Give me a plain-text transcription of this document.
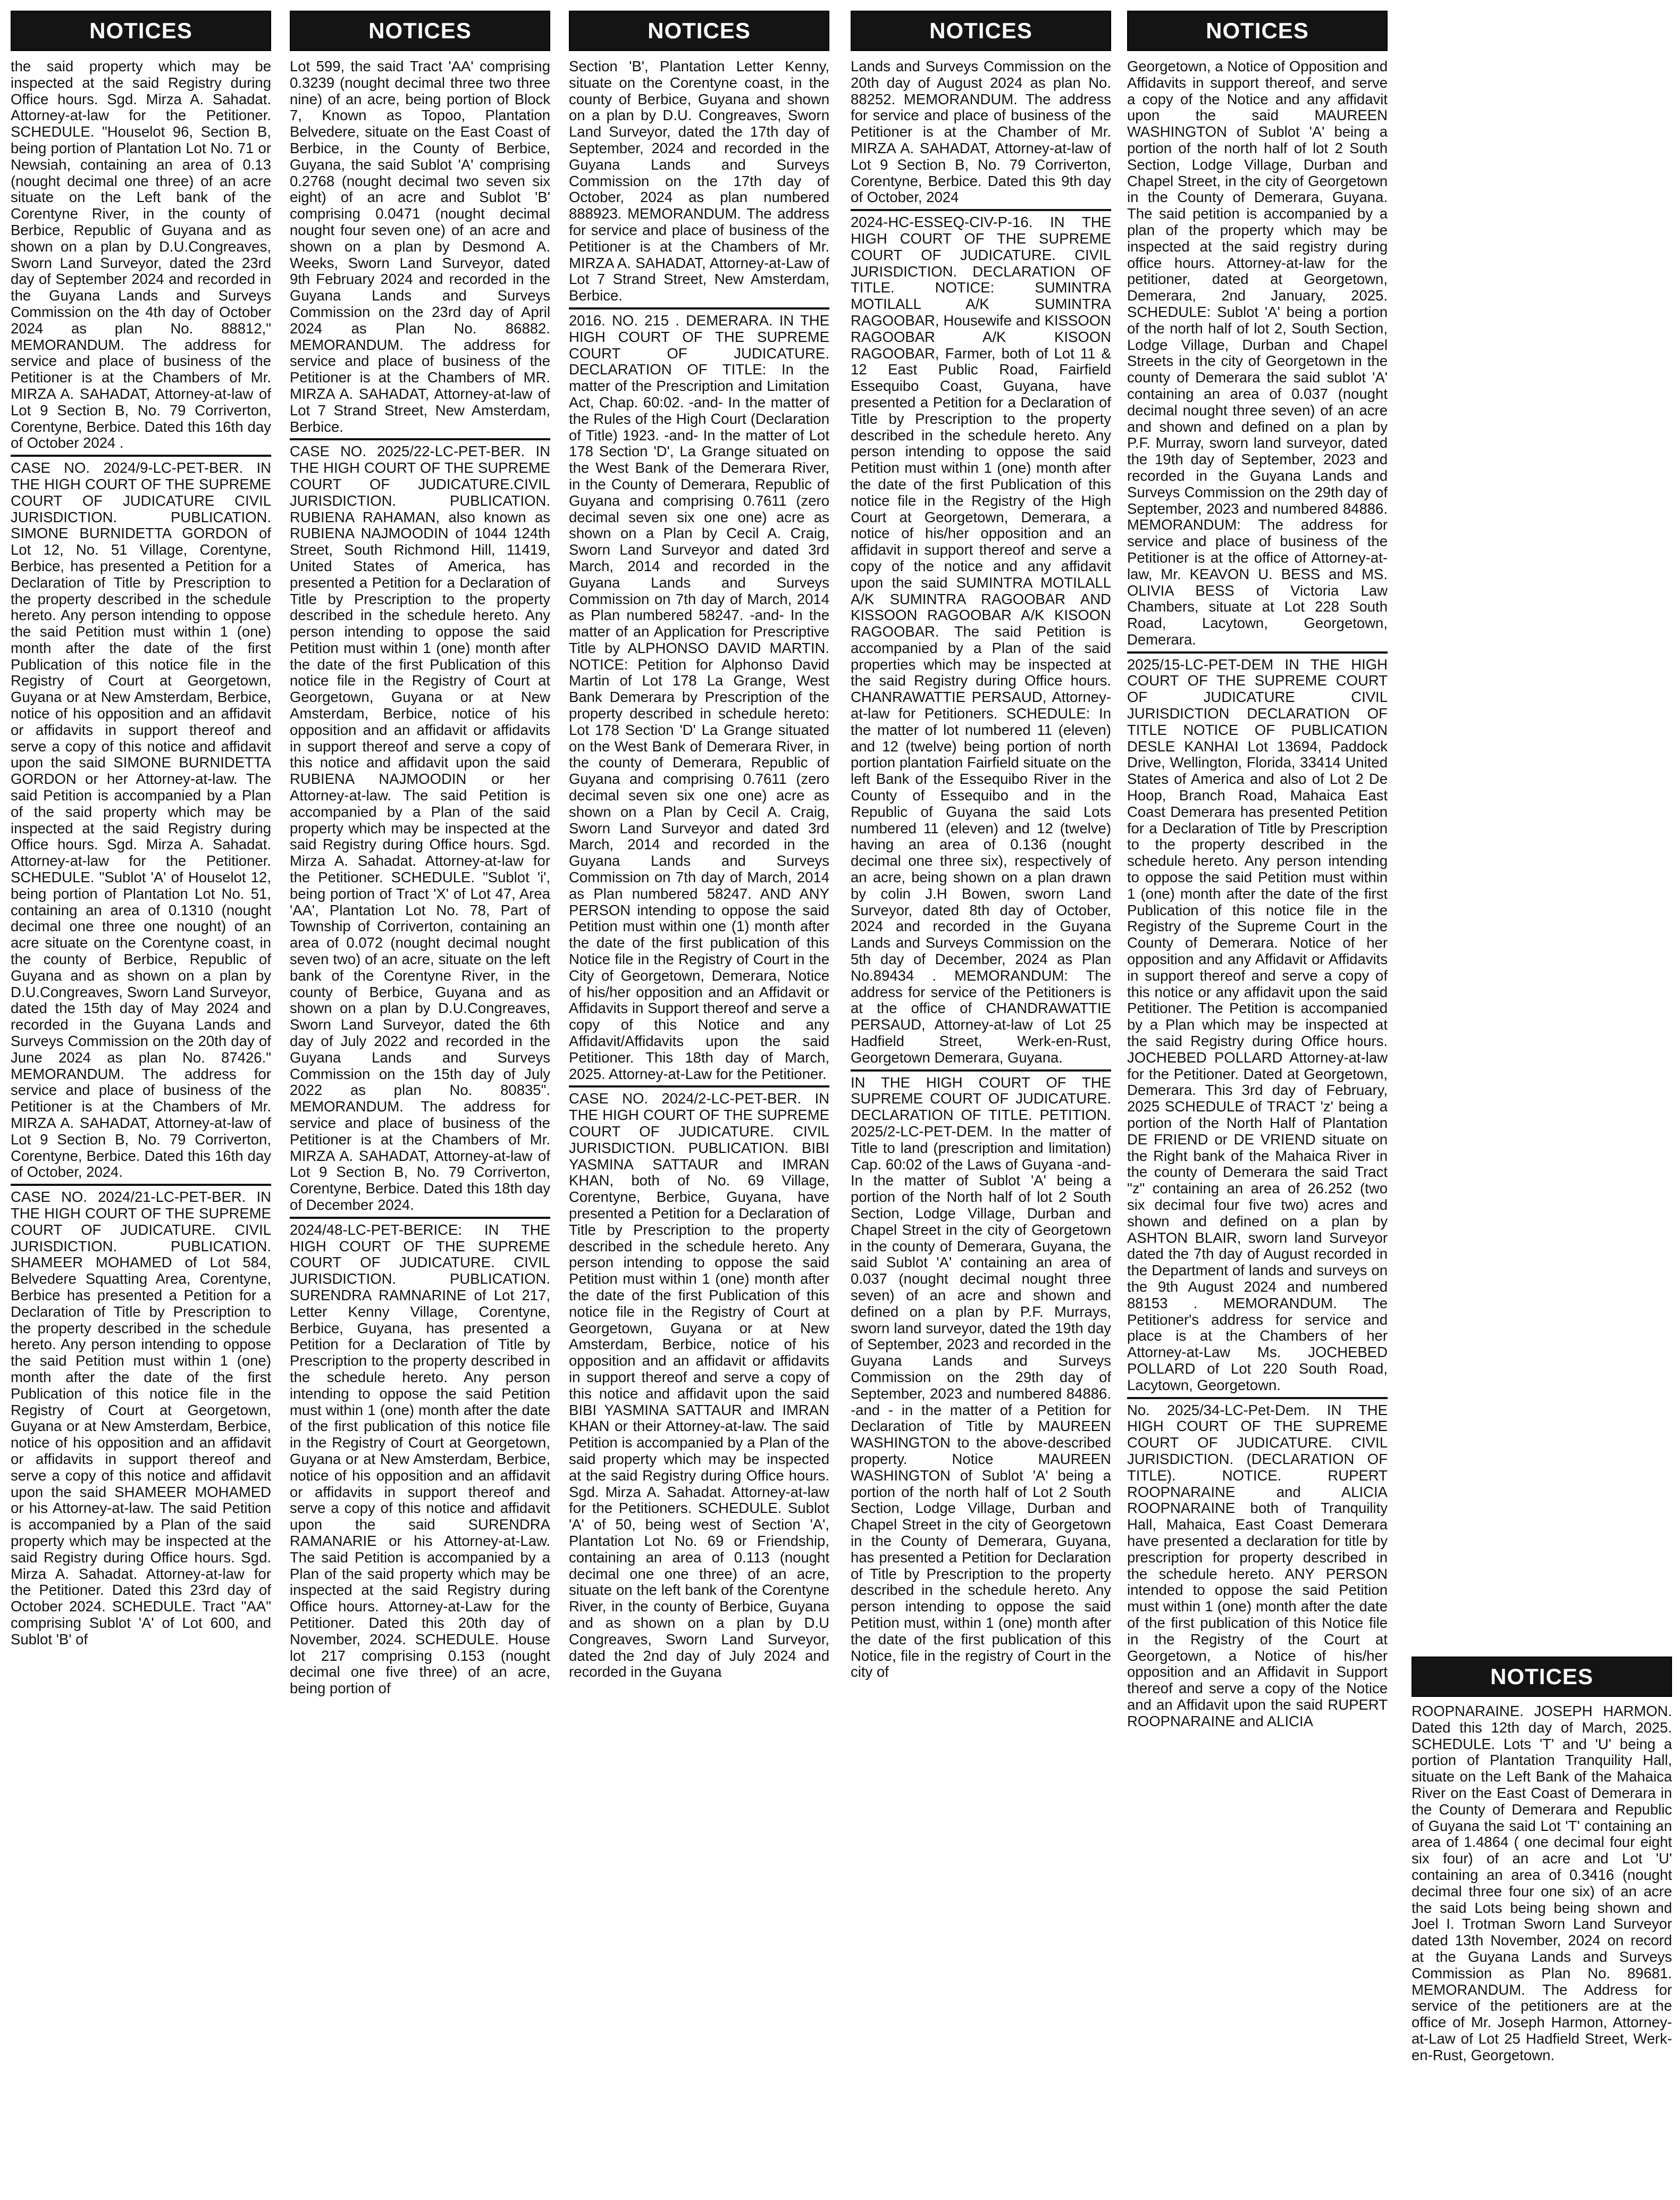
NOTICES

the said property which may be inspected at the said Registry during Office hours. Sgd. Mirza A. Sahadat. Attorney-at-law for the Petitioner. SCHEDULE. "Houselot 96, Section B, being portion of Plantation Lot No. 71 or Newsiah, containing an area of 0.13 (nought decimal one three) of an acre situate on the Left bank of the Corentyne River, in the county of Berbice, Republic of Guyana and as shown on a plan by D.U.Congreaves, Sworn Land Surveyor, dated the 23rd day of September 2024 and recorded in the Guyana Lands and Surveys Commission on the 4th day of October 2024 as plan No. 88812," MEMORANDUM. The address for service and place of business of the Petitioner is at the Chambers of Mr. MIRZA A. SAHADAT, Attorney-at-law of Lot 9 Section B, No. 79 Corriverton, Corentyne, Berbice. Dated this 16th day of October 2024 .

CASE NO. 2024/9-LC-PET-BER. IN THE HIGH COURT OF THE SUPREME COURT OF JUDICATURE CIVIL JURISDICTION. PUBLICATION. SIMONE BURNIDETTA GORDON of Lot 12, No. 51 Village, Corentyne, Berbice, has presented a Petition for a Declaration of Title by Prescription to the property described in the schedule hereto. Any person intending to oppose the said Petition must within 1 (one) month after the date of the first Publication of this notice file in the Registry of Court at Georgetown, Guyana or at New Amsterdam, Berbice, notice of his opposition and an affidavit or affidavits in support thereof and serve a copy of this notice and affidavit upon the said SIMONE BURNIDETTA GORDON or her Attorney-at-law. The said Petition is accompanied by a Plan of the said property which may be inspected at the said Registry during Office hours. Sgd. Mirza A. Sahadat. Attorney-at-law for the Petitioner. SCHEDULE. "Sublot 'A' of Houselot 12, being portion of Plantation Lot No. 51, containing an area of 0.1310 (nought decimal one three one nought) of an acre situate on the Corentyne coast, in the county of Berbice, Republic of Guyana and as shown on a plan by D.U.Congreaves, Sworn Land Surveyor, dated the 15th day of May 2024 and recorded in the Guyana Lands and Surveys Commission on the 20th day of June 2024 as plan No. 87426." MEMORANDUM. The address for service and place of business of the Petitioner is at the Chambers of Mr. MIRZA A. SAHADAT, Attorney-at-law of Lot 9 Section B, No. 79 Corriverton, Corentyne, Berbice. Dated this 16th day of October, 2024.

CASE NO. 2024/21-LC-PET-BER. IN THE HIGH COURT OF THE SUPREME COURT OF JUDICATURE. CIVIL JURISDICTION. PUBLICATION. SHAMEER MOHAMED of Lot 584, Belvedere Squatting Area, Corentyne, Berbice has presented a Petition for a Declaration of Title by Prescription to the property described in the schedule hereto. Any person intending to oppose the said Petition must within 1 (one) month after the date of the first Publication of this notice file in the Registry of Court at Georgetown, Guyana or at New Amsterdam, Berbice, notice of his opposition and an affidavit or affidavits in support thereof and serve a copy of this notice and affidavit upon the said SHAMEER MOHAMED or his Attorney-at-law. The said Petition is accompanied by a Plan of the said property which may be inspected at the said Registry during Office hours. Sgd. Mirza A. Sahadat. Attorney-at-law for the Petitioner. Dated this 23rd day of October 2024. SCHEDULE. Tract "AA" comprising Sublot 'A' of Lot 600, and Sublot 'B' of

NOTICES

Lot 599, the said Tract 'AA' comprising 0.3239 (nought decimal three two three nine) of an acre, being portion of Block 7, Known as Topoo, Plantation Belvedere, situate on the East Coast of Berbice, in the County of Berbice, Guyana, the said Sublot 'A' comprising 0.2768 (nought decimal two seven six eight) of an acre and Sublot 'B' comprising 0.0471 (nought decimal nought four seven one) of an acre and shown on a plan by Desmond A. Weeks, Sworn Land Surveyor, dated 9th February 2024 and recorded in the Guyana Lands and Surveys Commission on the 23rd day of April 2024 as Plan No. 86882. MEMORANDUM. The address for service and place of business of the Petitioner is at the Chambers of MR. MIRZA A. SAHADAT, Attorney-at-law of Lot 7 Strand Street, New Amsterdam, Berbice.

CASE NO. 2025/22-LC-PET-BER. IN THE HIGH COURT OF THE SUPREME COURT OF JUDICATURE.CIVIL JURISDICTION. PUBLICATION. RUBIENA RAHAMAN, also known as RUBIENA NAJMOODIN of 1044 124th Street, South Richmond Hill, 11419, United States of America, has presented a Petition for a Declaration of Title by Prescription to the property described in the schedule hereto. Any person intending to oppose the said Petition must within 1 (one) month after the date of the first Publication of this notice file in the Registry of Court at Georgetown, Guyana or at New Amsterdam, Berbice, notice of his opposition and an affidavit or affidavits in support thereof and serve a copy of this notice and affidavit upon the said RUBIENA NAJMOODIN or her Attorney-at-law. The said Petition is accompanied by a Plan of the said property which may be inspected at the said Registry during Office hours. Sgd. Mirza A. Sahadat. Attorney-at-law for the Petitioner. SCHEDULE. "Sublot 'i', being portion of Tract 'X' of Lot 47, Area 'AA', Plantation Lot No. 78, Part of Township of Corriverton, containing an area of 0.072 (nought decimal nought seven two) of an acre, situate on the left bank of the Corentyne River, in the county of Berbice, Guyana and as shown on a plan by D.U.Congreaves, Sworn Land Surveyor, dated the 6th day of July 2022 and recorded in the Guyana Lands and Surveys Commission on the 15th day of July 2022 as plan No. 80835". MEMORANDUM. The address for service and place of business of the Petitioner is at the Chambers of Mr. MIRZA A. SAHADAT, Attorney-at-law of Lot 9 Section B, No. 79 Corriverton, Corentyne, Berbice. Dated this 18th day of December 2024.

2024/48-LC-PET-BERICE: IN THE HIGH COURT OF THE SUPREME COURT OF JUDICATURE. CIVIL JURISDICTION. PUBLICATION. SURENDRA RAMNARINE of Lot 217, Letter Kenny Village, Corentyne, Berbice, Guyana, has presented a Petition for a Declaration of Title by Prescription to the property described in the schedule hereto. Any person intending to oppose the said Petition must within 1 (one) month after the date of the first publication of this notice file in the Registry of Court at Georgetown, Guyana or at New Amsterdam, Berbice, notice of his opposition and an affidavit or affidavits in support thereof and serve a copy of this notice and affidavit upon the said SURENDRA RAMANARIE or his Attorney-at-Law. The said Petition is accompanied by a Plan of the said property which may be inspected at the said Registry during Office hours. Attorney-at-Law for the Petitioner. Dated this 20th day of November, 2024. SCHEDULE. House lot 217 comprising 0.153 (nought decimal one five three) of an acre, being portion of

NOTICES

Section 'B', Plantation Letter Kenny, situate on the Corentyne coast, in the county of Berbice, Guyana and shown on a plan by D.U. Congreaves, Sworn Land Surveyor, dated the 17th day of September, 2024 and recorded in the Guyana Lands and Surveys Commission on the 17th day of October, 2024 as plan numbered 888923. MEMORANDUM. The address for service and place of business of the Petitioner is at the Chambers of Mr. MIRZA A. SAHADAT, Attorney-at-Law of Lot 7 Strand Street, New Amsterdam, Berbice.

2016. NO. 215 . DEMERARA. IN THE HIGH COURT OF THE SUPREME COURT OF JUDICATURE. DECLARATION OF TITLE: In the matter of the Prescription and Limitation Act, Chap. 60:02. -and- In the matter of the Rules of the High Court (Declaration of Title) 1923. -and- In the matter of Lot 178 Section 'D', La Grange situated on the West Bank of the Demerara River, in the County of Demerara, Republic of Guyana and comprising 0.7611 (zero decimal seven six one one) acre as shown on a Plan by Cecil A. Craig, Sworn Land Surveyor and dated 3rd March, 2014 and recorded in the Guyana Lands and Surveys Commission on 7th day of March, 2014 as Plan numbered 58247. -and- In the matter of an Application for Prescriptive Title by ALPHONSO DAVID MARTIN. NOTICE: Petition for Alphonso David Martin of Lot 178 La Grange, West Bank Demerara by Prescription of the property described in schedule hereto: Lot 178 Section 'D' La Grange situated on the West Bank of Demerara River, in the county of Demerara, Republic of Guyana and comprising 0.7611 (zero decimal seven six one one) acre as shown on a Plan by Cecil A. Craig, Sworn Land Surveyor and dated 3rd March, 2014 and recorded in the Guyana Lands and Surveys Commission on 7th day of March, 2014 as Plan numbered 58247. AND ANY PERSON intending to oppose the said Petition must within one (1) month after the date of the first publication of this Notice file in the Registry of Court in the City of Georgetown, Demerara, Notice of his/her opposition and an Affidavit or Affidavits in Support thereof and serve a copy of this Notice and any Affidavit/Affidavits upon the said Petitioner. This 18th day of March, 2025. Attorney-at-Law for the Petitioner.

CASE NO. 2024/2-LC-PET-BER. IN THE HIGH COURT OF THE SUPREME COURT OF JUDICATURE. CIVIL JURISDICTION. PUBLICATION. BIBI YASMINA SATTAUR and IMRAN KHAN, both of No. 69 Village, Corentyne, Berbice, Guyana, have presented a Petition for a Declaration of Title by Prescription to the property described in the schedule hereto. Any person intending to oppose the said Petition must within 1 (one) month after the date of the first Publication of this notice file in the Registry of Court at Georgetown, Guyana or at New Amsterdam, Berbice, notice of his opposition and an affidavit or affidavits in support thereof and serve a copy of this notice and affidavit upon the said BIBI YASMINA SATTAUR and IMRAN KHAN or their Attorney-at-law. The said Petition is accompanied by a Plan of the said property which may be inspected at the said Registry during Office hours. Sgd. Mirza A. Sahadat. Attorney-at-law for the Petitioners. SCHEDULE. Sublot 'A' of 50, being west of Section 'A', Plantation Lot No. 69 or Friendship, containing an area of 0.113 (nought decimal one one three) of an acre, situate on the left bank of the Corentyne River, in the county of Berbice, Guyana and as shown on a plan by D.U Congreaves, Sworn Land Surveyor, dated the 2nd day of July 2024 and recorded in the Guyana

NOTICES

Lands and Surveys Commission on the 20th day of August 2024 as plan No. 88252. MEMORANDUM. The address for service and place of business of the Petitioner is at the Chamber of Mr. MIRZA A. SAHADAT, Attorney-at-law of Lot 9 Section B, No. 79 Corriverton, Corentyne, Berbice. Dated this 9th day of October, 2024

2024-HC-ESSEQ-CIV-P-16. IN THE HIGH COURT OF THE SUPREME COURT OF JUDICATURE. CIVIL JURISDICTION. DECLARATION OF TITLE. NOTICE: SUMINTRA MOTILALL A/K SUMINTRA RAGOOBAR, Housewife and KISSOON RAGOOBAR A/K KISOON RAGOOBAR, Farmer, both of Lot 11 & 12 East Public Road, Fairfield Essequibo Coast, Guyana, have presented a Petition for a Declaration of Title by Prescription to the property described in the schedule hereto. Any person intending to oppose the said Petition must within 1 (one) month after the date of the first Publication of this notice file in the Registry of the High Court at Georgetown, Demerara, a notice of his/her opposition and an affidavit in support thereof and serve a copy of the notice and any affidavit upon the said SUMINTRA MOTILALL A/K SUMINTRA RAGOOBAR AND KISSOON RAGOOBAR A/K KISOON RAGOOBAR. The said Petition is accompanied by a Plan of the said properties which may be inspected at the said Registry during Office hours. CHANRAWATTIE PERSAUD, Attorney-at-law for Petitioners. SCHEDULE: In the matter of lot numbered 11 (eleven) and 12 (twelve) being portion of north portion plantation Fairfield situate on the left Bank of the Essequibo River in the County of Essequibo and in the Republic of Guyana the said Lots numbered 11 (eleven) and 12 (twelve) having an area of 0.136 (nought decimal one three six), respectively of an acre, being shown on a plan drawn by colin J.H Bowen, sworn Land Surveyor, dated 8th day of October, 2024 and recorded in the Guyana Lands and Surveys Commission on the 5th day of December, 2024 as Plan No.89434 . MEMORANDUM: The address for service of the Petitioners is at the office of CHANDRAWATTIE PERSAUD, Attorney-at-law of Lot 25 Hadfield Street, Werk-en-Rust, Georgetown Demerara, Guyana.

IN THE HIGH COURT OF THE SUPREME COURT OF JUDICATURE. DECLARATION OF TITLE. PETITION. 2025/2-LC-PET-DEM. In the matter of Title to land (prescription and limitation) Cap. 60:02 of the Laws of Guyana -and- In the matter of Sublot 'A' being a portion of the North half of lot 2 South Section, Lodge Village, Durban and Chapel Street in the city of Georgetown in the county of Demerara, Guyana, the said Sublot 'A' containing an area of 0.037 (nought decimal nought three seven) of an acre and shown and defined on a plan by P.F. Murrays, sworn land surveyor, dated the 19th day of September, 2023 and recorded in the Guyana Lands and Surveys Commission on the 29th day of September, 2023 and numbered 84886. -and - in the matter of a Petition for Declaration of Title by MAUREEN WASHINGTON to the above-described property. Notice MAUREEN WASHINGTON of Sublot 'A' being a portion of the north half of Lot 2 South Section, Lodge Village, Durban and Chapel Street in the city of Georgetown in the County of Demerara, Guyana, has presented a Petition for Declaration of Title by Prescription to the property described in the schedule hereto. Any person intending to oppose the said Petition must, within 1 (one) month after the date of the first publication of this Notice, file in the registry of Court in the city of

NOTICES

Georgetown, a Notice of Opposition and Affidavits in support thereof, and serve a copy of the Notice and any affidavit upon the said MAUREEN WASHINGTON of Sublot 'A' being a portion of the north half of lot 2 South Section, Lodge Village, Durban and Chapel Street, in the city of Georgetown in the County of Demerara, Guyana. The said petition is accompanied by a plan of the property which may be inspected at the said registry during office hours. Attorney-at-law for the petitioner, dated at Georgetown, Demerara, 2nd January, 2025. SCHEDULE: Sublot 'A' being a portion of the north half of lot 2, South Section, Lodge Village, Durban and Chapel Streets in the city of Georgetown in the county of Demerara the said sublot 'A' containing an area of 0.037 (nought decimal nought three seven) of an acre and shown and defined on a plan by P.F. Murray, sworn land surveyor, dated the 19th day of September, 2023 and recorded in the Guyana Lands and Surveys Commission on the 29th day of September, 2023 and numbered 84886. MEMORANDUM: The address for service and place of business of the Petitioner is at the office of Attorney-at-law, Mr. KEAVON U. BESS and MS. OLIVIA BESS of Victoria Law Chambers, situate at Lot 228 South Road, Lacytown, Georgetown, Demerara.

2025/15-LC-PET-DEM IN THE HIGH COURT OF THE SUPREME COURT OF JUDICATURE CIVIL JURISDICTION DECLARATION OF TITLE NOTICE OF PUBLICATION DESLE KANHAI Lot 13694, Paddock Drive, Wellington, Florida, 33414 United States of America and also of Lot 2 De Hoop, Branch Road, Mahaica East Coast Demerara has presented Petition for a Declaration of Title by Prescription to the property described in the schedule hereto. Any person intending to oppose the said Petition must within 1 (one) month after the date of the first Publication of this notice file in the Registry of the Supreme Court in the County of Demerara. Notice of her opposition and any Affidavit or Affidavits in support thereof and serve a copy of this notice or any affidavit upon the said Petitioner. The Petition is accompanied by a Plan which may be inspected at the said Registry during Office hours. JOCHEBED POLLARD Attorney-at-law for the Petitioner. Dated at Georgetown, Demerara. This 3rd day of February, 2025 SCHEDULE of TRACT 'z' being a portion of the North Half of Plantation DE FRIEND or DE VRIEND situate on the Right bank of the Mahaica River in the county of Demerara the said Tract "z" containing an area of 26.252 (two six decimal four five two) acres and shown and defined on a plan by ASHTON BLAIR, sworn land Surveyor dated the 7th day of August recorded in the Department of lands and surveys on the 9th August 2024 and numbered 88153 . MEMORANDUM. The Petitioner's address for service and place is at the Chambers of her Attorney-at-Law Ms. JOCHEBED POLLARD of Lot 220 South Road, Lacytown, Georgetown.

No. 2025/34-LC-Pet-Dem. IN THE HIGH COURT OF THE SUPREME COURT OF JUDICATURE. CIVIL JURISDICTION. (DECLARATION OF TITLE). NOTICE. RUPERT ROOPNARAINE and ALICIA ROOPNARAINE both of Tranquility Hall, Mahaica, East Coast Demerara have presented a declaration for title by prescription for property described in the schedule hereto. ANY PERSON intended to oppose the said Petition must within 1 (one) month after the date of the first publication of this Notice file in the Registry of the Court at Georgetown, a Notice of his/her opposition and an Affidavit in Support thereof and serve a copy of the Notice and an Affidavit upon the said RUPERT ROOPNARAINE and ALICIA

NOTICES

ROOPNARAINE. JOSEPH HARMON. Dated this 12th day of March, 2025. SCHEDULE. Lots 'T' and 'U' being a portion of Plantation Tranquility Hall, situate on the Left Bank of the Mahaica River on the East Coast of Demerara in the County of Demerara and Republic of Guyana the said Lot 'T' containing an area of 1.4864 ( one decimal four eight six four) of an acre and Lot 'U' containing an area of 0.3416 (nought decimal three four one six) of an acre the said Lots being being shown and Joel I. Trotman Sworn Land Surveyor dated 13th November, 2024 on record at the Guyana Lands and Surveys Commission as Plan No. 89681. MEMORANDUM. The Address for service of the petitioners are at the office of Mr. Joseph Harmon, Attorney-at-Law of Lot 25 Hadfield Street, Werk-en-Rust, Georgetown.
